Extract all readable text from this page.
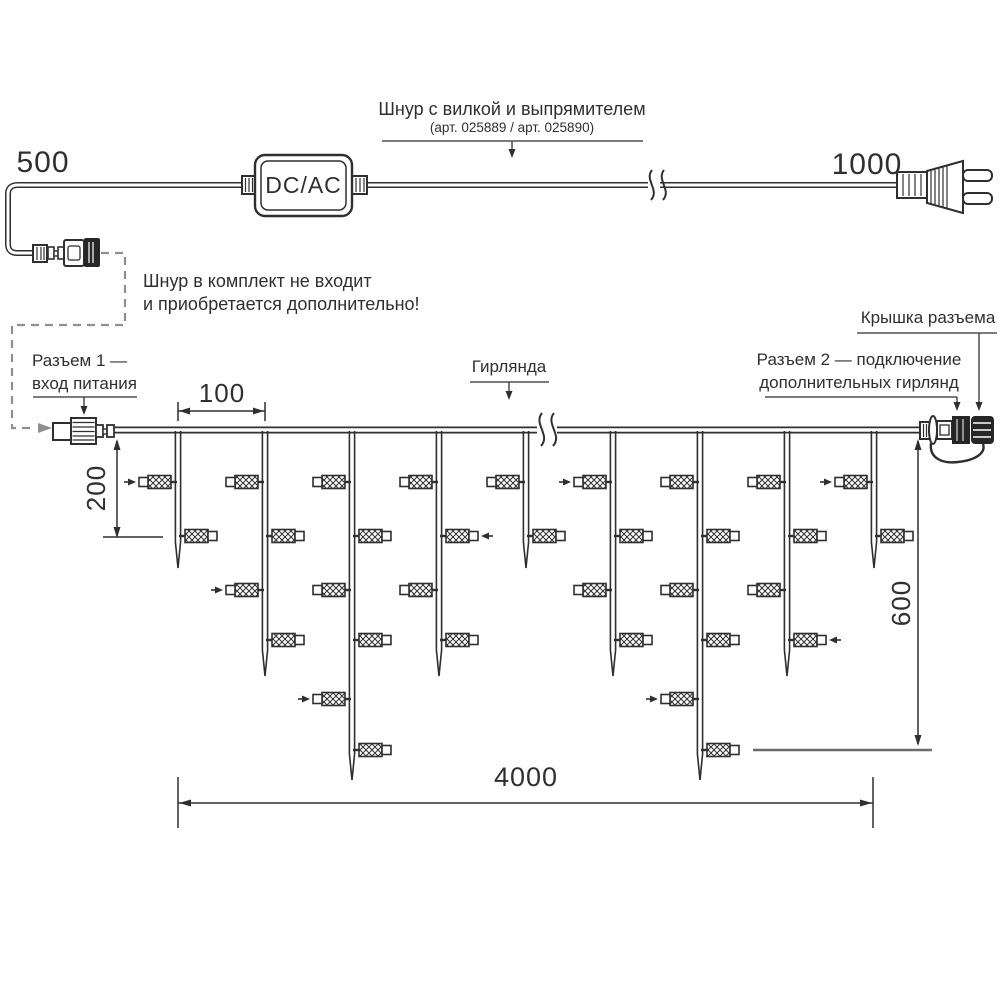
500	1000
Шнур с вилкой и выпрямителем
(арт. 025889 / арт. 025890)
Шнур в комплект не входит
и приобретается дополнительно!
DC/AC
Разъем 1 —
вход питания
Гирлянда	Разъем 2 — подключение
дополнительных гирлянд
Крышка разъема
100
200
600
4000
